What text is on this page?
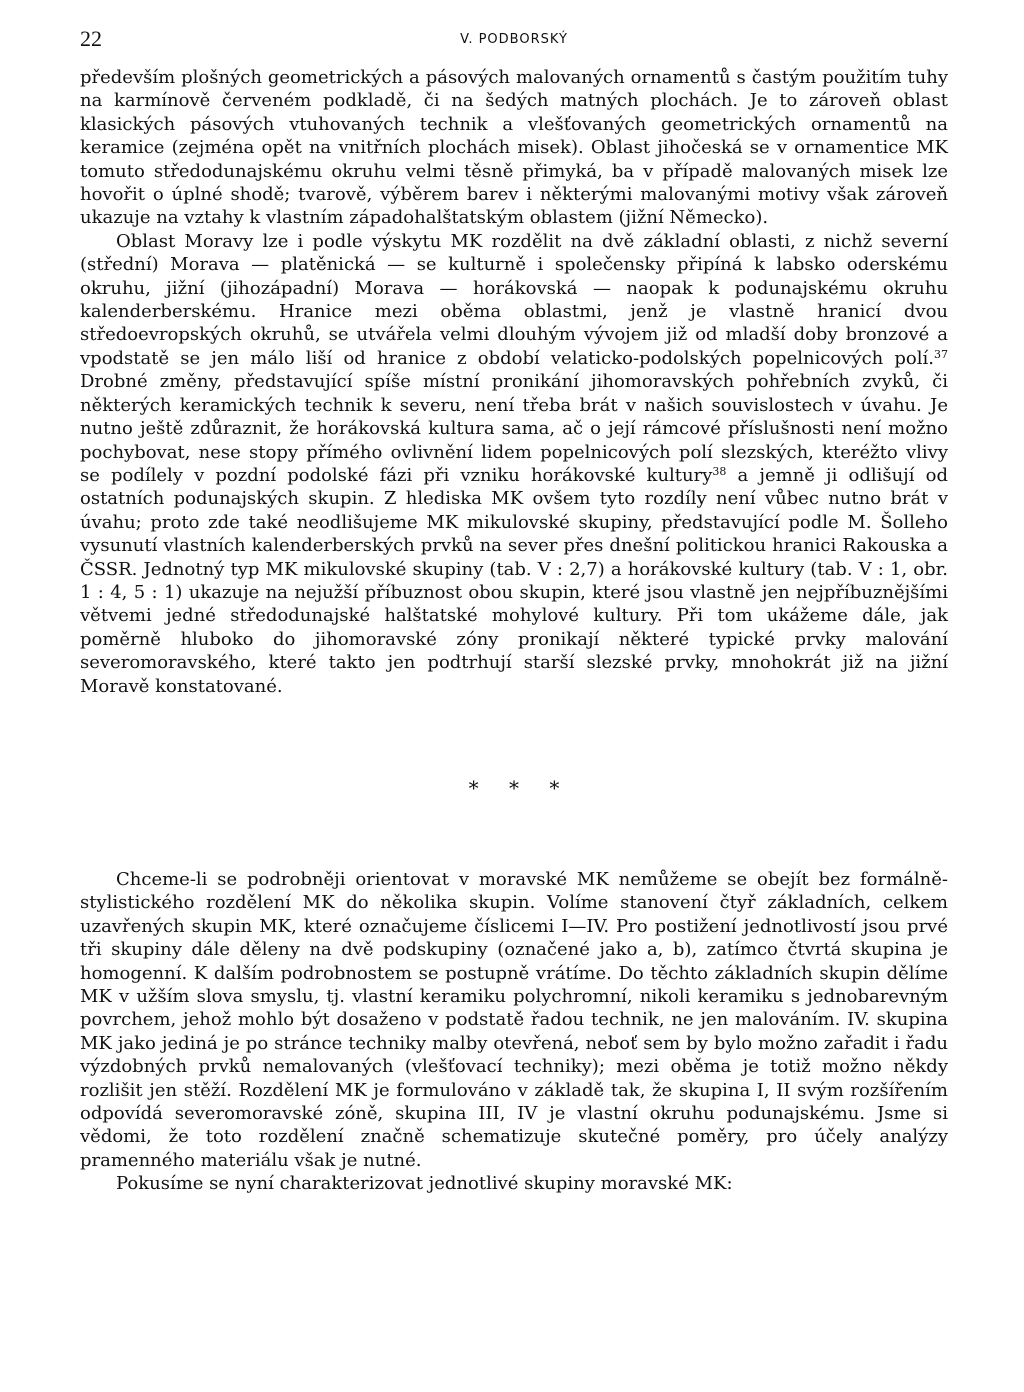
22	V. PODBORSKÝ

především plošných geometrických a pásových malovaných ornamentů s častým použitím tuhy na karmínově červeném podkladě, či na šedých matných plochách. Je to zároveň oblast klasických pásových vtuhovaných technik a vlešťovaných geometrických ornamentů na keramice (zejména opět na vnitřních plochách misek). Oblast jihočeská se v ornamentice MK tomuto středodunajskému okruhu velmi těsně přimyká, ba v případě malovaných misek lze hovořit o úplné shodě; tvarově, výběrem barev i některými malovanými motivy však zároveň ukazuje na vztahy k vlastním západohalštatským oblastem (jižní Německo).

Oblast Moravy lze i podle výskytu MK rozdělit na dvě základní oblasti, z nichž severní (střední) Morava — platěnická — se kulturně i společensky připíná k labsko oderskému okruhu, jižní (jihozápadní) Morava — horákovská — naopak k podunajskému okruhu kalenderberskému. Hranice mezi oběma oblastmi, jenž je vlastně hranicí dvou středoevropských okruhů, se utvářela velmi dlouhým vývojem již od mladší doby bronzové a vpodstatě se jen málo liší od hranice z období velaticko-podolských popelnicových polí.$^{37}$ Drobné změny, představující spíše místní pronikání jihomoravských pohřebních zvyků, či některých keramických technik k severu, není třeba brát v našich souvislostech v úvahu. Je nutno ještě zdůraznit, že horákovská kultura sama, ač o její rámcové příslušnosti není možno pochybovat, nese stopy přímého ovlivnění lidem popelnicových polí slezských, kteréžto vlivy se podílely v pozdní podolské fázi při vzniku horákovské kultury$^{38}$ a jemně ji odlišují od ostatních podunajských skupin. Z hlediska MK ovšem tyto rozdíly není vůbec nutno brát v úvahu; proto zde také neodlišujeme MK mikulovské skupiny, představující podle M. Šolleho vysunutí vlastních kalenderberských prvků na sever přes dnešní politickou hranici Rakouska a ČSSR. Jednotný typ MK mikulovské skupiny (tab. V : 2,7) a horákovské kultury (tab. V : 1, obr. 1 : 4, 5 : 1) ukazuje na nejužší příbuznost obou skupin, které jsou vlastně jen nejpříbuznějšími větvemi jedné středodunajské halštatské mohylové kultury. Při tom ukážeme dále, jak poměrně hluboko do jihomoravské zóny pronikají některé typické prvky malování severomoravského, které takto jen podtrhují starší slezské prvky, mnohokrát již na jižní Moravě konstatované.

* * *

Chceme-li se podrobněji orientovat v moravské MK nemůžeme se obejít bez formálně-stylistického rozdělení MK do několika skupin. Volíme stanovení čtyř základních, celkem uzavřených skupin MK, které označujeme číslicemi I—IV. Pro postižení jednotlivostí jsou prvé tři skupiny dále děleny na dvě podskupiny (označené jako a, b), zatímco čtvrtá skupina je homogenní. K dalším podrobnostem se postupně vrátíme. Do těchto základních skupin dělíme MK v užším slova smyslu, tj. vlastní keramiku polychromní, nikoli keramiku s jednobarevným povrchem, jehož mohlo být dosaženo v podstatě řadou technik, ne jen malováním. IV. skupina MK jako jediná je po stránce techniky malby otevřená, neboť sem by bylo možno zařadit i řadu výzdobných prvků nemalovaných (vlešťovací techniky); mezi oběma je totiž možno někdy rozlišit jen stěží. Rozdělení MK je formulováno v základě tak, že skupina I, II svým rozšířením odpovídá severomoravské zóně, skupina III, IV je vlastní okruhu podunajskému. Jsme si vědomi, že toto rozdělení značně schematizuje skutečné poměry, pro účely analýzy pramenného materiálu však je nutné.

Pokusíme se nyní charakterizovat jednotlivé skupiny moravské MK:
